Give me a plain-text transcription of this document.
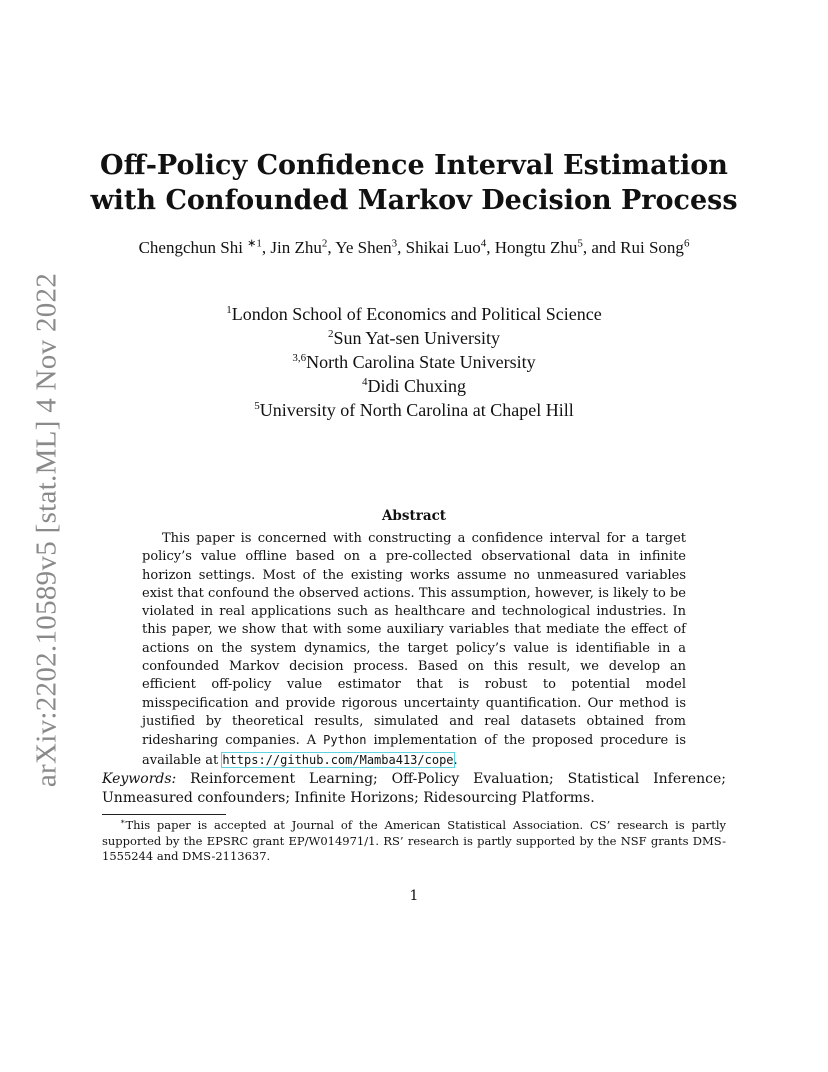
arXiv:2202.10589v5 [stat.ML] 4 Nov 2022
Off-Policy Confidence Interval Estimation
with Confounded Markov Decision Process
Chengchun Shi $^{∗1}$, Jin Zhu$^2$, Ye Shen$^3$, Shikai Luo$^4$, Hongtu Zhu$^5$, and Rui Song$^6$
$^1$London School of Economics and Political Science
$^2$Sun Yat-sen University
$^{3,6}$North Carolina State University
$^4$Didi Chuxing
$^5$University of North Carolina at Chapel Hill
Abstract
This paper is concerned with constructing a confidence interval for a target policy’s value offline based on a pre-collected observational data in infinite horizon settings. Most of the existing works assume no unmeasured variables exist that confound the observed actions. This assumption, however, is likely to be violated in real applications such as healthcare and technological industries. In this paper, we show that with some auxiliary variables that mediate the effect of actions on the system dynamics, the target policy’s value is identifiable in a confounded Markov decision process. Based on this result, we develop an efficient off-policy value estimator that is robust to potential model misspecification and provide rigorous uncertainty quantification. Our method is justified by theoretical results, simulated and real datasets obtained from ridesharing companies. A Python implementation of the proposed procedure is available at https://github.com/Mamba413/cope.
Keywords: Reinforcement Learning; Off-Policy Evaluation; Statistical Inference; Unmeasured confounders; Infinite Horizons; Ridesourcing Platforms.
∗This paper is accepted at Journal of the American Statistical Association. CS’ research is partly supported by the EPSRC grant EP/W014971/1. RS’ research is partly supported by the NSF grants DMS-1555244 and DMS-2113637.
1
